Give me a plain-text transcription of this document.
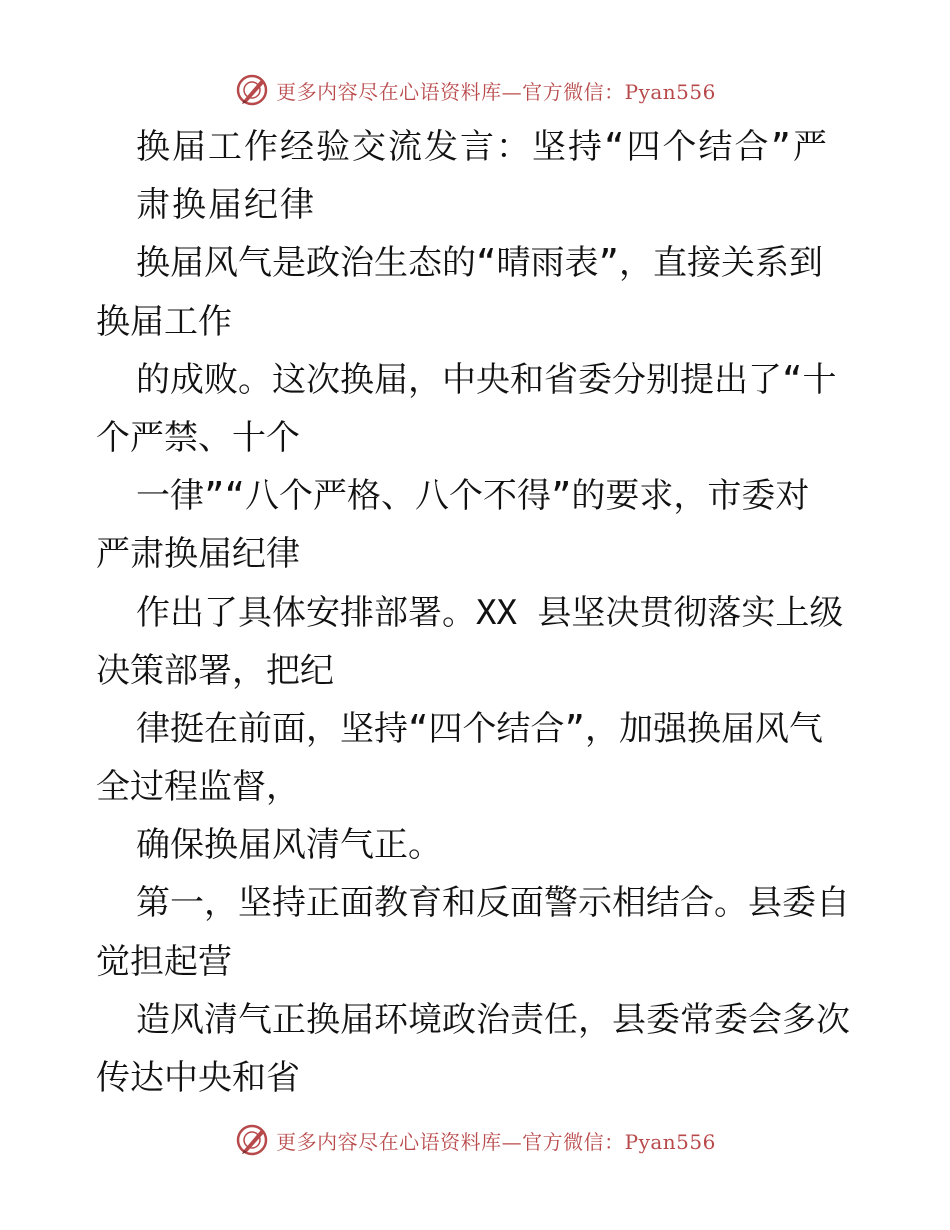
更多内容尽在心语资料库—官方微信：Pyan556
换届工作经验交流发言：坚持“四个结合”严
肃换届纪律
换届风气是政治生态的“晴雨表”，直接关系到
换届工作
的成败。这次换届，中央和省委分别提出了“十
个严禁、十个
一律”“八个严格、八个不得”的要求，市委对
严肃换届纪律
作出了具体安排部署。XX 县坚决贯彻落实上级
决策部署，把纪
律挺在前面，坚持“四个结合”，加强换届风气
全过程监督，
确保换届风清气正。
第一，坚持正面教育和反面警示相结合。县委自
觉担起营
造风清气正换届环境政治责任，县委常委会多次
传达中央和省
更多内容尽在心语资料库—官方微信：Pyan556
